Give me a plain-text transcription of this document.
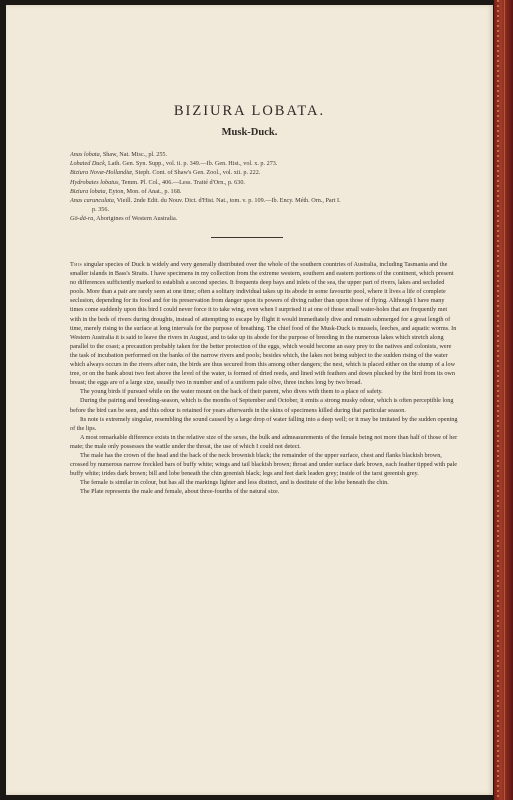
BIZIURA LOBATA.
Musk-Duck.
Anas lobata, Shaw, Nat. Misc., pl. 255.
Lobated Duck, Lath. Gen. Syn. Supp., vol. ii. p. 349.—Ib. Gen. Hist., vol. x. p. 273.
Biziura Novæ-Hollandiæ, Steph. Cont. of Shaw's Gen. Zool., vol. xii. p. 222.
Hydrobates lobatus, Temm. Pl. Col., 406.—Less. Traité d'Orn., p. 630.
Biziura lobata, Eyton, Mon. of Anat., p. 168.
Anas carunculata, Vieill. 2nde Edit. du Nouv. Dict. d'Hist. Nat., tom. v. p. 109.—Ib. Ency. Méth. Orn., Part I.
p. 356.
Gö-dä-ra, Aborigines of Western Australia.

This singular species of Duck is widely and very generally distributed over the whole of the southern countries of Australia, including Tasmania and the smaller islands in Bass's Straits. I have specimens in my collection from the extreme western, southern and eastern portions of the continent, which present no differences sufficiently marked to establish a second species. It frequents deep bays and inlets of the sea, the upper part of rivers, lakes and secluded pools. More than a pair are rarely seen at one time; often a solitary individual takes up its abode in some favourite pool, where it lives a life of complete seclusion, depending for its food and for its preservation from danger upon its powers of diving rather than upon those of flying. Although I have many times come suddenly upon this bird I could never force it to take wing, even when I surprised it at one of those small water-holes that are frequently met with in the beds of rivers during droughts, instead of attempting to escape by flight it would immediately dive and remain submerged for a great length of time, merely rising to the surface at long intervals for the purpose of breathing. The chief food of the Musk-Duck is mussels, leeches, and aquatic worms. In Western Australia it is said to leave the rivers in August, and to take up its abode for the purpose of breeding in the numerous lakes which stretch along parallel to the coast; a precaution probably taken for the better protection of the eggs, which would become an easy prey to the natives and colonists, were the task of incubation performed on the banks of the narrow rivers and pools; besides which, the lakes not being subject to the sudden rising of the water which always occurs in the rivers after rain, the birds are thus secured from this among other dangers; the nest, which is placed either on the stump of a low tree, or on the bank about two feet above the level of the water, is formed of dried reeds, and lined with feathers and down plucked by the bird from its own breast; the eggs are of a large size, usually two in number and of a uniform pale olive, three inches long by two broad.

The young birds if pursued while on the water mount on the back of their parent, who dives with them to a place of safety.

During the pairing and breeding-season, which is the months of September and October, it emits a strong musky odour, which is often perceptible long before the bird can be seen, and this odour is retained for years afterwards in the skins of specimens killed during that particular season.

Its note is extremely singular, resembling the sound caused by a large drop of water falling into a deep well; or it may be imitated by the sudden opening of the lips.

A most remarkable difference exists in the relative size of the sexes, the bulk and admeasurements of the female being not more than half of those of her mate; the male only possesses the wattle under the throat, the use of which I could not detect.

The male has the crown of the head and the back of the neck brownish black; the remainder of the upper surface, chest and flanks blackish brown, crossed by numerous narrow freckled bars of buffy white; wings and tail blackish brown; throat and under surface dark brown, each feather tipped with pale buffy white; irides dark brown; bill and lobe beneath the chin greenish black; legs and feet dark leaden grey; inside of the tarsi greenish grey.

The female is similar in colour, but has all the markings lighter and less distinct, and is destitute of the lobe beneath the chin.

The Plate represents the male and female, about three-fourths of the natural size.
